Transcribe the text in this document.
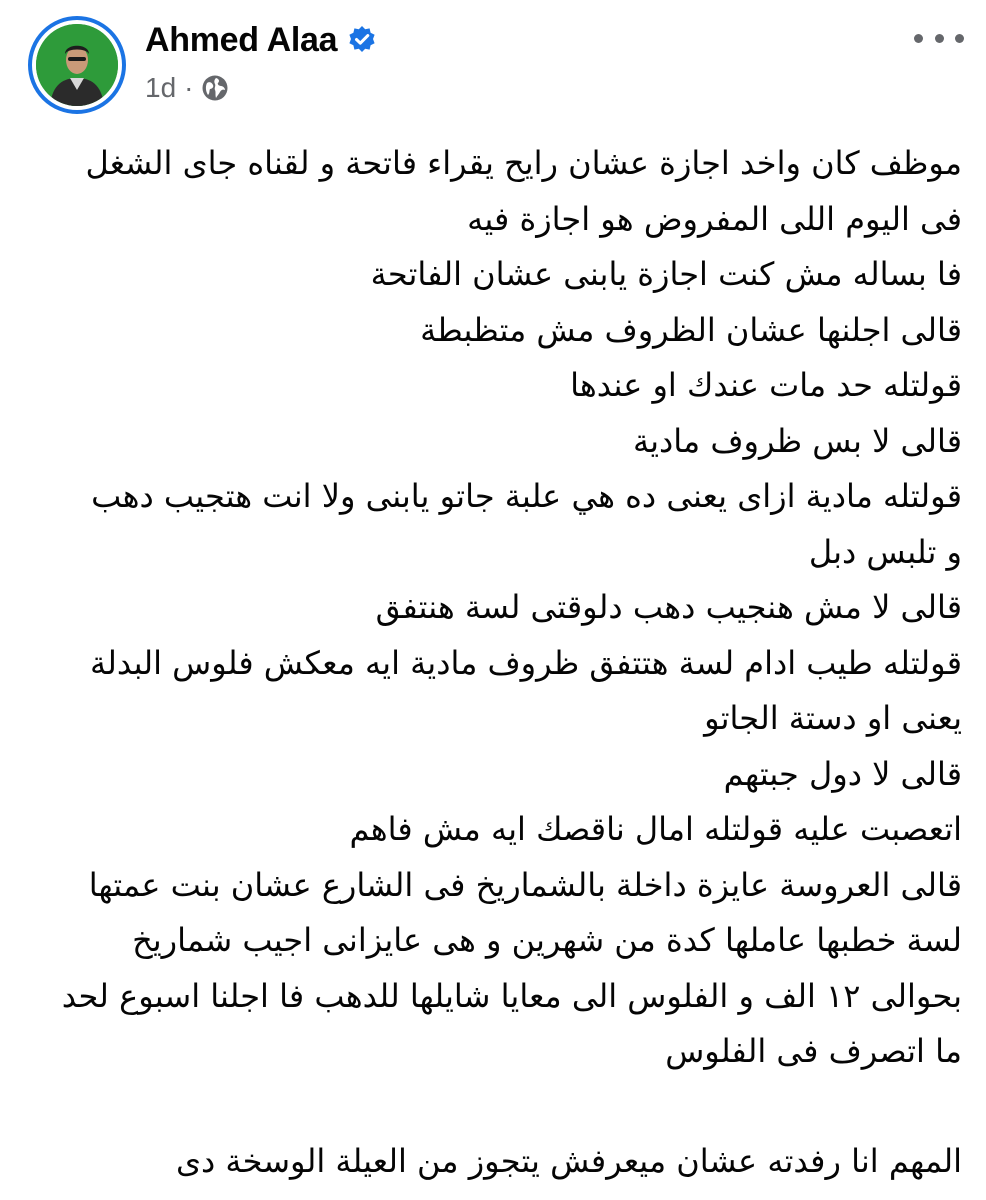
Ahmed Alaa
1d ·

موظف كان واخد اجازة عشان رايح يقراء فاتحة و لقناه جاى الشغل

فى اليوم اللى المفروض هو اجازة فيه

فا بساله مش كنت اجازة يابنى عشان الفاتحة

قالى اجلنها عشان الظروف مش متظبطة

قولتله حد مات عندك او عندها

قالى لا بس ظروف مادية

قولتله مادية ازاى يعنى ده هي علبة جاتو يابنى ولا انت هتجيب دهب

و تلبس دبل

قالى لا مش هنجيب دهب دلوقتى لسة هنتفق

قولتله طيب ادام لسة هتتفق ظروف مادية ايه معكش فلوس البدلة

يعنى او دستة الجاتو

قالى لا دول جبتهم

اتعصبت عليه قولتله امال ناقصك ايه مش فاهم

قالى العروسة عايزة داخلة بالشماريخ فى الشارع عشان بنت عمتها

لسة خطبها عاملها كدة من شهرين و هى عايزانى اجيب شماريخ

بحوالى ١٢ الف و الفلوس الى معايا شايلها للدهب فا اجلنا اسبوع لحد

ما اتصرف فى الفلوس

المهم انا رفدته عشان ميعرفش يتجوز من العيلة الوسخة دى
